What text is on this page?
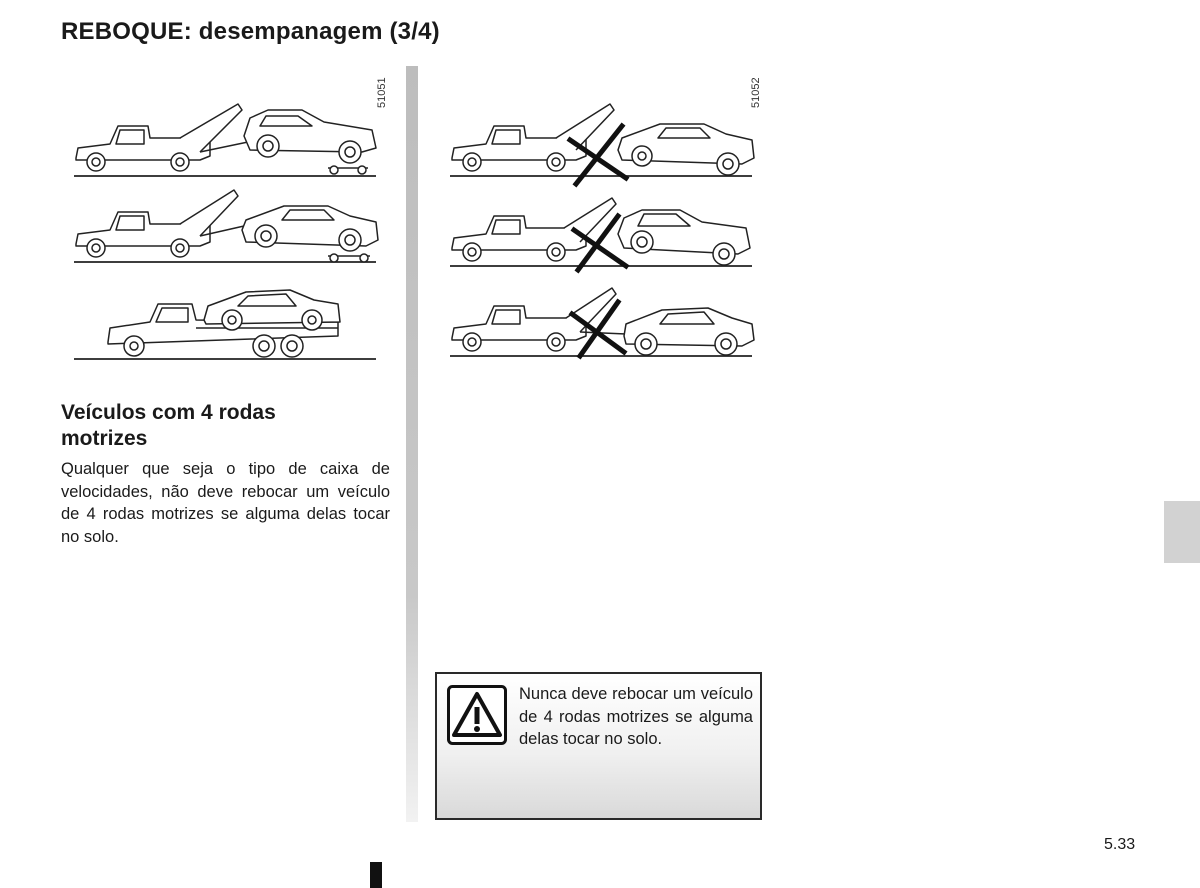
REBOQUE: desempanagem (3/4)
51051	51052
Veículos com 4 rodas motrizes

Qualquer que seja o tipo de caixa de velocidades, não deve rebocar um veículo de 4 rodas motrizes se alguma delas tocar no solo.

Nunca deve rebocar um veículo de 4 rodas motrizes se alguma delas tocar no solo.

5.33
